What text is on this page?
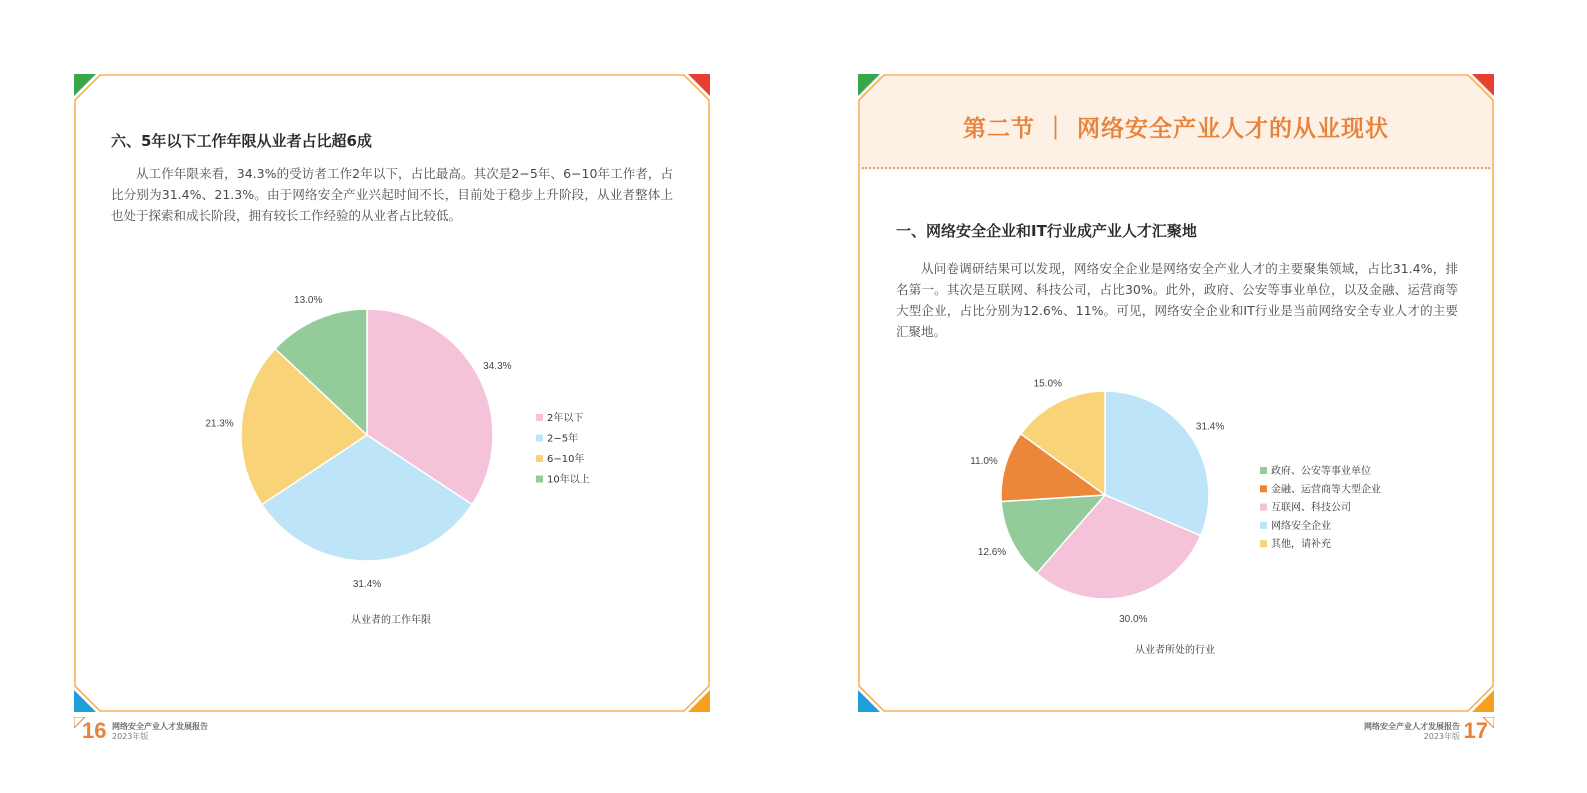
六、5年以下工作年限从业者占比超6成
从工作年限来看，34.3%的受访者工作2年以下，占比最高。其次是2−5年、6−10年工作者，占比分别为31.4%、21.3%。由于网络安全产业兴起时间不长，目前处于稳步上升阶段，从业者整体上也处于探索和成长阶段，拥有较长工作经验的从业者占比较低。
34.3%
31.4%
21.3%
13.0%
2年以下
2−5年
6−10年
10年以上
从业者的工作年限
第二节 ｜ 网络安全产业人才的从业现状
一、网络安全企业和IT行业成产业人才汇聚地
从问卷调研结果可以发现，网络安全企业是网络安全产业人才的主要聚集领域，占比31.4%，排名第一。其次是互联网、科技公司，占比30%。此外，政府、公安等事业单位，以及金融、运营商等大型企业，占比分别为12.6%、11%。可见，网络安全企业和IT行业是当前网络安全专业人才的主要汇聚地。
31.4%
30.0%
12.6%
11.0%
15.0%
政府、公安等事业单位
金融、运营商等大型企业
互联网、科技公司
网络安全企业
其他，请补充
从业者所处的行业
16 网络安全产业人才发展报告
2023年版
网络安全产业人才发展报告
2023年版 17
